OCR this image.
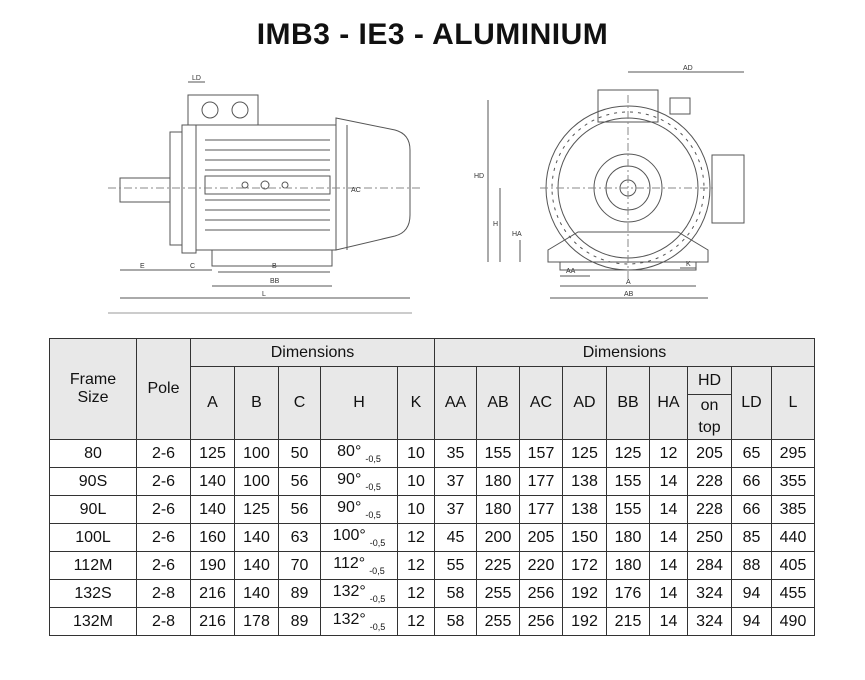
IMB3 - IE3 - ALUMINIUM
LD
AC
E	C	B
BB
L
AD
HD
H
HA
AA
K
A
AB
Frame Size	Pole	Dimensions					Dimensions								
		A	B	C	H	K	AA	AB	AC	AD	BB	HA	HD	LD	L
													on top		
80	2-6	125	100	50	80° $_{-0,5}$	10	35	155	157	125	125	12	205	65	295
90S	2-6	140	100	56	90° $_{-0,5}$	10	37	180	177	138	155	14	228	66	355
90L	2-6	140	125	56	90° $_{-0,5}$	10	37	180	177	138	155	14	228	66	385
100L	2-6	160	140	63	100° $_{-0,5}$	12	45	200	205	150	180	14	250	85	440
112M	2-6	190	140	70	112° $_{-0,5}$	12	55	225	220	172	180	14	284	88	405
132S	2-8	216	140	89	132° $_{-0,5}$	12	58	255	256	192	176	14	324	94	455
132M	2-8	216	178	89	132° $_{-0,5}$	12	58	255	256	192	215	14	324	94	490
